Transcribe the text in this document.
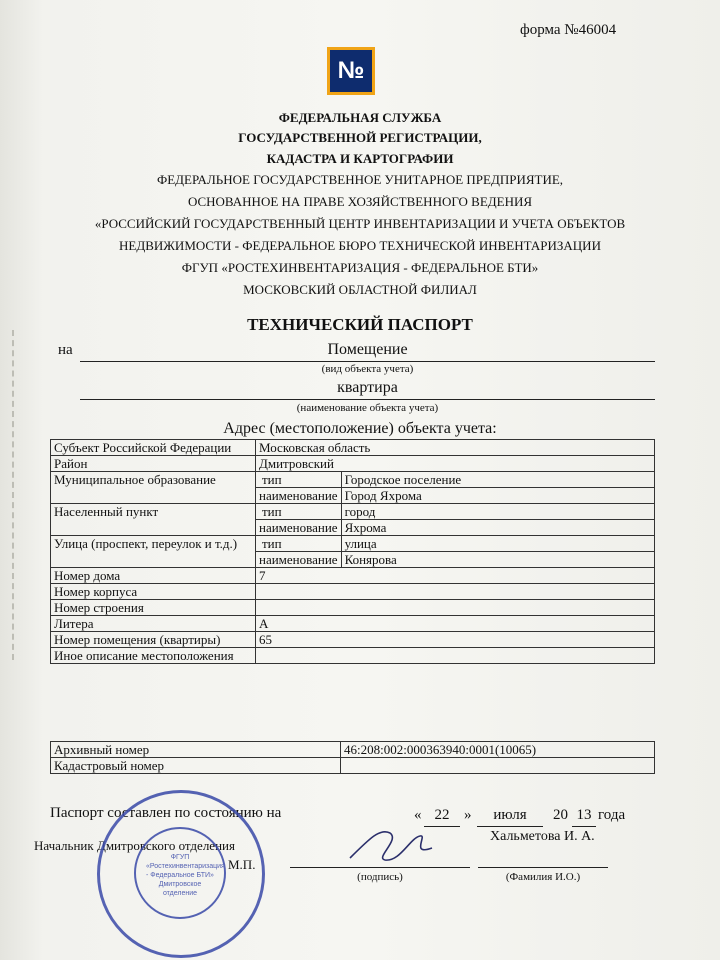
форма №46004
№
ФЕДЕРАЛЬНАЯ СЛУЖБА
ГОСУДАРСТВЕННОЙ РЕГИСТРАЦИИ,
КАДАСТРА И КАРТОГРАФИИ
ФЕДЕРАЛЬНОЕ ГОСУДАРСТВЕННОЕ УНИТАРНОЕ ПРЕДПРИЯТИЕ,
ОСНОВАННОЕ НА ПРАВЕ ХОЗЯЙСТВЕННОГО ВЕДЕНИЯ
«РОССИЙСКИЙ ГОСУДАРСТВЕННЫЙ ЦЕНТР ИНВЕНТАРИЗАЦИИ И УЧЕТА ОБЪЕКТОВ
НЕДВИЖИМОСТИ - ФЕДЕРАЛЬНОЕ БЮРО ТЕХНИЧЕСКОЙ ИНВЕНТАРИЗАЦИИ
ФГУП «РОСТЕХИНВЕНТАРИЗАЦИЯ - ФЕДЕРАЛЬНОЕ БТИ»
МОСКОВСКИЙ ОБЛАСТНОЙ ФИЛИАЛ
ТЕХНИЧЕСКИЙ ПАСПОРТ
на	Помещение
(вид объекта учета)
квартира
(наименование объекта учета)
Адрес (местоположение) объекта учета:
Субъект Российской Федерации	Московская область	
Район	Дмитровский	
Муниципальное образование	тип	Городское поселение
	наименование	Город Яхрома
Населенный пункт	тип	город
	наименование	Яхрома
Улица (проспект, переулок и т.д.)	тип	улица
	наименование	Конярова
Номер дома	7	
Номер корпуса		
Номер строения		
Литера	А	
Номер помещения (квартиры)	65	
Иное описание местоположения		
Архивный номер	46:208:002:000363940:0001(10065)
Кадастровый номер	
Паспорт составлен по состоянию на	« 22 »	июля	20 13 года
Начальник Дмитровского отделения
М.П.
(подпись)
Хальметова И. А.
(Фамилия И.О.)
ФГУП «Ростехинвентаризация - Федеральное БТИ» Дмитровское отделение
